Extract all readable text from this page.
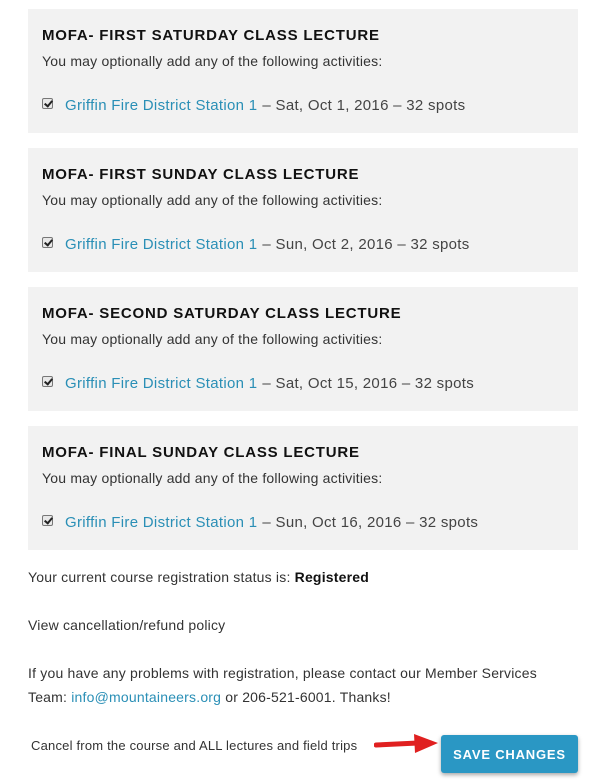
MOFA- FIRST SATURDAY CLASS LECTURE
You may optionally add any of the following activities:
Griffin Fire District Station 1 – Sat, Oct 1, 2016 – 32 spots
MOFA- FIRST SUNDAY CLASS LECTURE
You may optionally add any of the following activities:
Griffin Fire District Station 1 – Sun, Oct 2, 2016 – 32 spots
MOFA- SECOND SATURDAY CLASS LECTURE
You may optionally add any of the following activities:
Griffin Fire District Station 1 – Sat, Oct 15, 2016 – 32 spots
MOFA- FINAL SUNDAY CLASS LECTURE
You may optionally add any of the following activities:
Griffin Fire District Station 1 – Sun, Oct 16, 2016 – 32 spots
Your current course registration status is: Registered
View cancellation/refund policy
If you have any problems with registration, please contact our Member Services
Team: info@mountaineers.org or 206-521-6001. Thanks!
Cancel from the course and ALL lectures and field trips
SAVE CHANGES
